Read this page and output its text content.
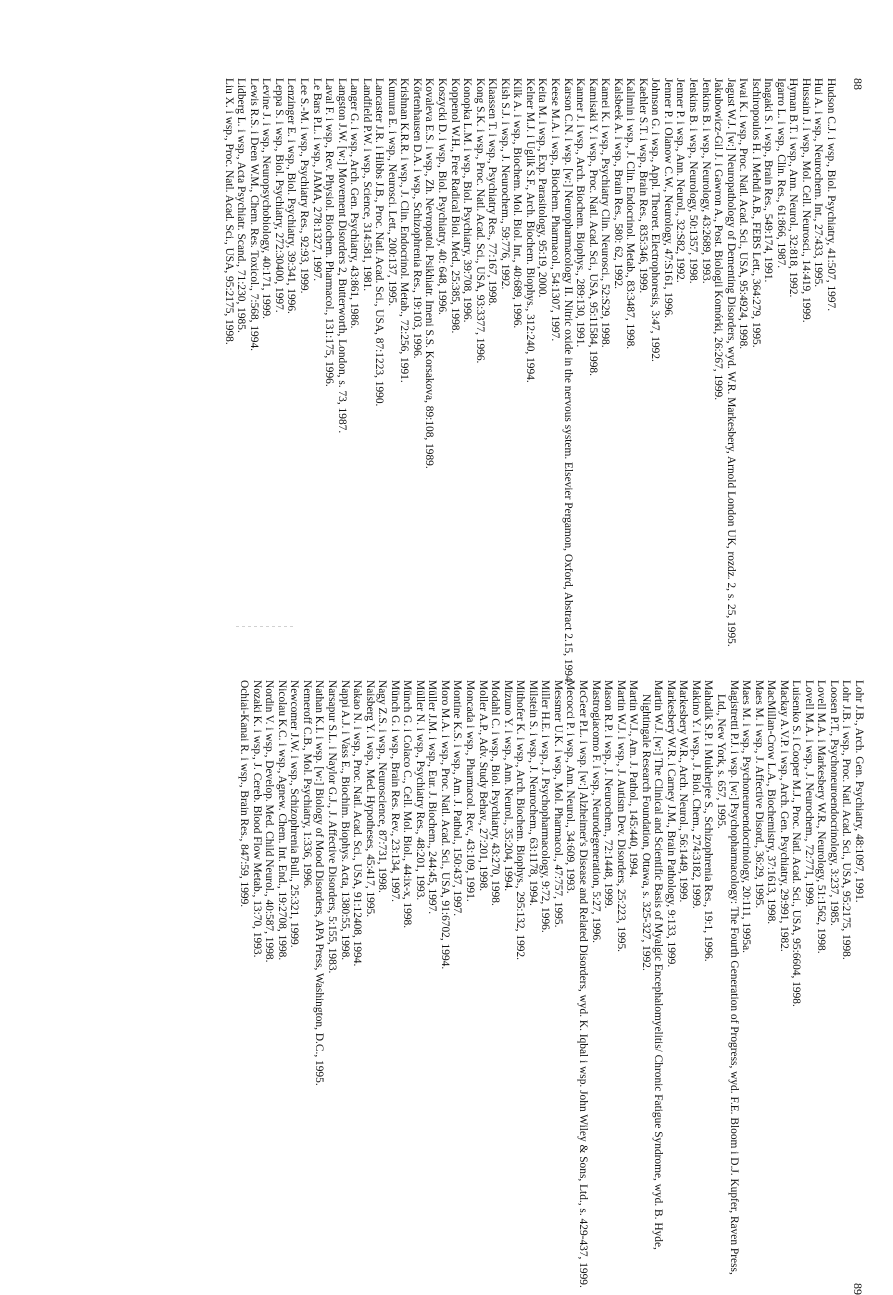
88
Hudson C.J. i wsp., Biol. Psychiatry, 41:507, 1997.
Hui A. i wsp., Neurochem. Int., 27:433, 1995.
Hussain J. i wsp., Mol. Cell. Neurosci., 14:419, 1999.
Hyman B.T. i wsp., Ann. Neurol., 32:818, 1992.
Igarro L. i wsp., Clin. Res., 61:866, 1987.
Inagaki S. i wsp., Brain Res., 549:174, 1991.
Ischiropoulos H. i Mehdi A.B., FEBS Lett., 364:279, 1995.
Iwai K. i wsp., Proc. Natl. Acad. Sci., USA, 95:4924, 1998.
Jagust W.J. [w:] Neuropathology of Dementing Disorders, wyd. W.R. Markesbery, Arnold London UK, rozdz. 2, s. 25, 1995.
Jakubowicz-Gil J. i Gawron A., Post. Biologii Komórki, 26:267, 1999.
Jenkins B. i wsp., Neurology, 43:2689, 1993.
Jenkins B. i wsp., Neurology, 50:1357, 1998.
Jenner P. i wsp., Ann. Neurol., 32:S82, 1992.
Jenner P. i Olanow C.W., Neurology, 47:S161, 1996.
Johnson G. i wsp., Appl. Theoret. Electrophoresis, 3:47, 1992.
Kaehler S.T. i wsp., Brain Res., 835:346, 1999.
Kalimin i wsp., J. Clin. Endocrinol. Metab., 83:3487, 1998.
Kalsbeek A. i wsp., Brain Res., 580: 62, 1992.
Kamei K. i wsp., Psychiatry Clin. Neurosci., 52:S29, 1998.
Kamisaki Y. i wsp., Proc. Natl. Acad. Sci., USA, 95:11584, 1998.
Kanner J. i wsp., Arch. Biochem. Biophys., 289:130, 1991.
Karson C.N. i wsp. [w:] Neuropharmacology II. Nitric oxide in the nervous system. Elsevier Pergamon, Oxford, Abstract 2.15, 1994.
Keese M.A. i wsp., Biochem. Pharmacol., 54:1307, 1997.
Keita M. i wsp., Exp. Parasitology, 95:19, 2000.
Kelner M.J. i Uglik S.F., Arch. Biochem. Biophys., 312:240, 1994.
Kilk A. i wsp., Biochem. Mol. Biol. Int., 40:689, 1996.
Kish S.J. i wsp., J. Neurochem., 59:776, 1992.
Klaassen T. i wsp., Psychiatry Res., 77:167, 1998.
Kong S.K. i wsp., Proc. Natl. Acad. Sci., USA, 93:3377, 1996.
Konopka L.M. i wsp., Biol. Psychiatry, 39:708, 1996.
Koppenol W.H., Free Radical Biol. Med., 25:385, 1998.
Koszycki D. i wsp., Biol. Psychiatry, 40: 648, 1996.
Kovaleva E.S. i wsp., Zh. Nevropatol. Psikhiatr. Imeni S.S. Korsakova, 89:108, 1989.
Körtenhausen D.A. i wsp., Schizophrenia Res., 19:103, 1996.
Krishnan K.R.R. i wsp., J. Clin. Endocrinol. Metab., 72:256, 1991.
Kumura E. i wsp., Neurosci. Lett., 200:137, 1995.
Lancaster J.R. i Hibbs J.B., Proc. Natl. Acad. Sci., USA, 87:1223, 1990.
Landfield P.W. i wsp., Science, 314:581, 1981.
Langer G. i wsp., Arch. Gen. Psychiatry, 43:861, 1986.
Langston J.W. [w:] Movement Disorders 2, Butterworth, London, s. 73, 1987.
Laval F. i wsp., Rev. Physiol. Biochem. Pharmacol., 131:175, 1996.
Le Bars P.L. i wsp., JAMA, 278:1327, 1997.
Lee S.-M. i wsp., Psychiatry Res., 92:93, 1999.
Lenzinger E. i wsp., Biol. Psychiatry, 39:341, 1996.
Leppa S. i wsp., Biol. Psychiatry, 272:30400, 1997.
Levine J. i wsp., Neuropsychobiology, 40:171, 1999.
Lewis R.S. i Deen W.M., Chem. Res. Toxicol., 7:568, 1994.
Lidberg L. i wsp., Acta Psychiatr. Scand., 71:230, 1985.
Liu X. i wsp., Proc. Natl. Acad. Sci., USA, 95:2175, 1998.
89
Lohr J.B., Arch. Gen. Psychiatry, 48:1097, 1991.
Lohr J.B. i wsp., Proc. Natl. Acad. Sci., USA, 95:2175, 1998.
Loosen P.T., Psychoneuroendocrinology, 3:237, 1985.
Lovell M.A. i Markesbery W.R., Neurology, 51:1562, 1998.
Lovell M.A. i wsp., J. Neurochem., 72:771, 1999.
Luisenko S. i Cooper M.J., Proc. Natl. Acad. Sci., USA, 95:6604, 1998.
Mackay A.V.P. i wsp., Arch. Gen. Psychiatry, 29:991, 1982.
MacMillan-Crow L.A., Biochemistry, 37:1613, 1998.
Maes M. i wsp., J. Affective Disord., 36:29, 1995.
Maes M. i wsp., Psychoneuroendocrinology, 20:111, 1995a.
Magistretti P.J. i wsp. [w:] Psychopharmacology: The Fourth Generation of Progress, wyd. F.E. Bloom i D.J. Kupfer, Raven Press, Ltd., New York, s. 657, 1995.
Mahadik S.P. i Mukherjee S., Schizophrenia Res., 19:1, 1996.
Makino Y. i wsp., J. Biol. Chem., 274:3182, 1999.
Markesbery W.R., Arch. Neurol., 56:1449, 1999.
Markesbery W.R. i Carney J.M., Brain Pathology, 9:133, 1999.
Martin W.J. [w:] The Clinical and Scientific Basis of Myalgic Encephalomyelitis/ Chronic Fatigue Syndrome, wyd. B. Hyde, Nightingale Research Foundation, Ottawa, s. 325-327, 1992.
Martin W.J., Am. J. Pathol., 145:440, 1994.
Martin W.J. i wsp., J. Autism Dev. Disorders, 25:223, 1995.
Mason R.P. i wsp., J. Neurochem., 72:1448, 1999.
Mastrogiacomo F. i wsp., Neurodegeneration, 5:27, 1996.
McGeer P.L. i wsp. [w:] Alzheimer's Disease and Related Disorders, wyd. K. Iqbal i wsp. John Wiley & Sons, Ltd., s. 429-437, 1999.
Mecocci P. i wsp., Ann. Neurol., 34:609, 1993.
Messmer U.K. i wsp., Mol. Pharmacol., 47:757, 1995.
Miller H.E. i wsp., J. Psychopharmacology, 9:72, 1996.
Milstein S. i wsp., J. Neurochem., 63:1178, 1994.
Mithofer K. i wsp., Arch. Biochem. Biophys., 295:132, 1992.
Mizuno Y. i wsp., Ann. Neurol., 35:204, 1994.
Modahl C. i wsp., Biol. Psychiatry, 43:270, 1998.
Moller A.P., Adv. Study Behav., 27:201, 1998.
Moncada i wsp., Pharmacol. Rev., 43:109, 1991.
Montine K.S. i wsp., Am. J. Pathol., 150:437, 1997.
Moro M.A. i wsp., Proc. Natl. Acad. Sci., USA, 91:6702, 1994.
Müller J.M. i wsp., Eur. J. Biochem., 244:45, 1997.
Müller N. i wsp., Psychiatry Res., 48:201, 1993.
Münch G. i Colaco C., Cell. Mol. Biol., 44:ix-x, 1998.
Münch G. i wsp., Brain Res. Rev., 23:134, 1997.
Nagy Z.S. i wsp., Neuroscience, 87:731, 1998.
Naisberg Y. i wsp., Med. Hypotheses, 45:417, 1995.
Nakao N. i wsp., Proc. Natl. Acad. Sci., USA, 91:12408, 1994.
Nappi A.J. i Vass E., Biochim. Biophys. Acta, 1380:55, 1998.
Narsapur S.L. i Naylor G.J., J. Affective Disorders, 5:155, 1983.
Nathan K.I. i wsp. [w:] Biology of Mood Disorders, APA Press, Washington, D.C., 1995.
Nemeroff C.B., Mol. Psychiatry, 1:336, 1996.
Newcomer J.W. i wsp., Schizophrenia Bull., 25:321, 1999.
Nicolau K.C. i wsp., Agnew. Chem. Int. End., 19:2708, 1998.
Nordin V. i wsp., Develop. Med. Child Neurol., 40:587, 1998.
Nozaki K. i wsp., J. Cereb. Blood Flow Metab., 13:70, 1993.
Ochiai-Kanai R. i wsp., Brain Res., 847:59, 1999.
